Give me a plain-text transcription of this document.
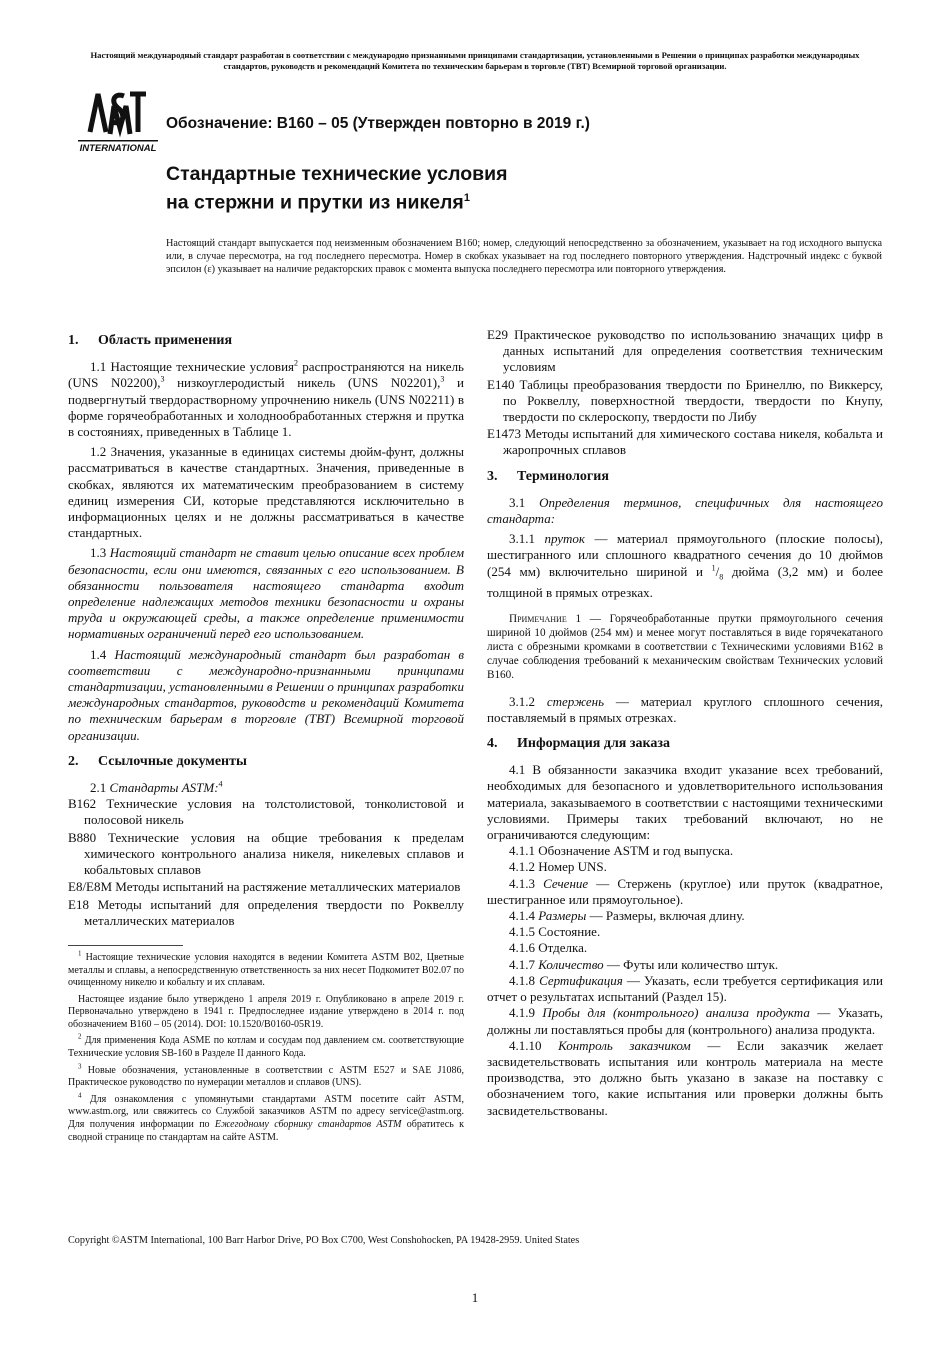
Настоящий международный стандарт разработан в соответствии с международно признанными принципами стандартизации, установленными в Решении о принципах разработки международных стандартов, руководств и рекомендаций Комитета по техническим барьерам в торговле (ТВТ) Всемирной торговой организации.
INTERNATIONAL
Обозначение: B160 – 05 (Утвержден повторно в 2019 г.)
Стандартные технические условия
на стержни и прутки из никеля$^1$
Настоящий стандарт выпускается под неизменным обозначением B160; номер, следующий непосредственно за обозначением, указывает на год исходного выпуска или, в случае пересмотра, на год последнего пересмотра. Номер в скобках указывает на год последнего повторного утверждения. Надстрочный индекс с буквой эпсилон (ε) указывает на наличие редакторских правок с момента выпуска последнего пересмотра или повторного утверждения.
1. Область применения

1.1 Настоящие технические условия$^2$ распространяются на никель (UNS N02200),$^3$ низкоуглеродистый никель (UNS N02201),$^3$ и подвергнутый твердорастворному упрочнению никель (UNS N02211) в форме горячеобработанных и холоднообработанных стержня и прутка в состояниях, приведенных в Таблице 1.

1.2 Значения, указанные в единицах системы дюйм-фунт, должны рассматриваться в качестве стандартных. Значения, приведенные в скобках, являются их математическим преобразованием в систему единиц измерения СИ, которые представляются исключительно в информационных целях и не должны рассматриваться в качестве стандартных.

1.3 Настоящий стандарт не ставит целью описание всех проблем безопасности, если они имеются, связанных с его использованием. В обязанности пользователя настоящего стандарта входит определение надлежащих методов техники безопасности и охраны труда и окружающей среды, а также определение применимости нормативных ограничений перед его использованием.

1.4 Настоящий международный стандарт был разработан в соответствии с международно-признанными принципами стандартизации, установленными в Решении о принципах разработки международных стандартов, руководств и рекомендаций Комитета по техническим барьерам в торговле (ТВТ) Всемирной торговой организации.

2. Ссылочные документы

2.1 Стандарты ASTM:$^4$

B162 Технические условия на толстолистовой, тонколистовой и полосовой никель

B880 Технические условия на общие требования к пределам химического контрольного анализа никеля, никелевых сплавов и кобальтовых сплавов

E8/E8M Методы испытаний на растяжение металлических материалов

E18 Методы испытаний для определения твердости по Роквеллу металлических материалов

$^1$ Настоящие технические условия находятся в ведении Комитета ASTM B02, Цветные металлы и сплавы, а непосредственную ответственность за них несет Подкомитет B02.07 по очищенному никелю и кобальту и их сплавам.

Настоящее издание было утверждено 1 апреля 2019 г. Опубликовано в апреле 2019 г. Первоначально утверждено в 1941 г. Предпоследнее издание утверждено в 2014 г. под обозначением B160 – 05 (2014). DOI: 10.1520/B0160-05R19.

$^2$ Для применения Кода ASME по котлам и сосудам под давлением см. соответствующие Технические условия SB-160 в Разделе II данного Кода.

$^3$ Новые обозначения, установленные в соответствии с ASTM E527 и SAE J1086, Практическое руководство по нумерации металлов и сплавов (UNS).

$^4$ Для ознакомления с упомянутыми стандартами ASTM посетите сайт ASTM, www.astm.org, или свяжитесь со Службой заказчиков ASTM по адресу service@astm.org. Для получения информации по Ежегодному сборнику стандартов ASTM обратитесь к сводной странице по стандартам на сайте ASTM.

E29 Практическое руководство по использованию значащих цифр в данных испытаний для определения соответствия техническим условиям

E140 Таблицы преобразования твердости по Бринеллю, по Виккерсу, по Роквеллу, поверхностной твердости, твердости по Кнупу, твердости по склероскопу, твердости по Либу

E1473 Методы испытаний для химического состава никеля, кобальта и жаропрочных сплавов

3. Терминология

3.1 Определения терминов, специфичных для настоящего стандарта:

3.1.1 пруток — материал прямоугольного (плоские полосы), шестигранного или сплошного квадратного сечения до 10 дюймов (254 мм) включительно шириной и $^1/_8$ дюйма (3,2 мм) и более толщиной в прямых отрезках.

Примечание 1 — Горячеобработанные прутки прямоугольного сечения шириной 10 дюймов (254 мм) и менее могут поставляться в виде горячекатаного листа с обрезными кромками в соответствии с Техническими условиями B162 в случае соблюдения требований к механическим свойствам Технических условий B160.

3.1.2 стержень — материал круглого сплошного сечения, поставляемый в прямых отрезках.

4. Информация для заказа

4.1 В обязанности заказчика входит указание всех требований, необходимых для безопасного и удовлетворительного использования материала, заказываемого в соответствии с настоящими техническими условиями. Примеры таких требований включают, но не ограничиваются следующим:

4.1.1 Обозначение ASTM и год выпуска.

4.1.2 Номер UNS.

4.1.3 Сечение — Стержень (круглое) или пруток (квадратное, шестигранное или прямоугольное).

4.1.4 Размеры — Размеры, включая длину.

4.1.5 Состояние.

4.1.6 Отделка.

4.1.7 Количество — Футы или количество штук.

4.1.8 Сертификация — Указать, если требуется сертификация или отчет о результатах испытаний (Раздел 15).

4.1.9 Пробы для (контрольного) анализа продукта — Указать, должны ли поставляться пробы для (контрольного) анализа продукта.

4.1.10 Контроль заказчиком — Если заказчик желает засвидетельствовать испытания или контроль материала на месте производства, это должно быть указано в заказе на поставку с обозначением того, какие испытания или проверки должны быть засвидетельствованы.

Copyright ©ASTM International, 100 Barr Harbor Drive, PO Box C700, West Conshohocken, PA 19428-2959. United States
1
